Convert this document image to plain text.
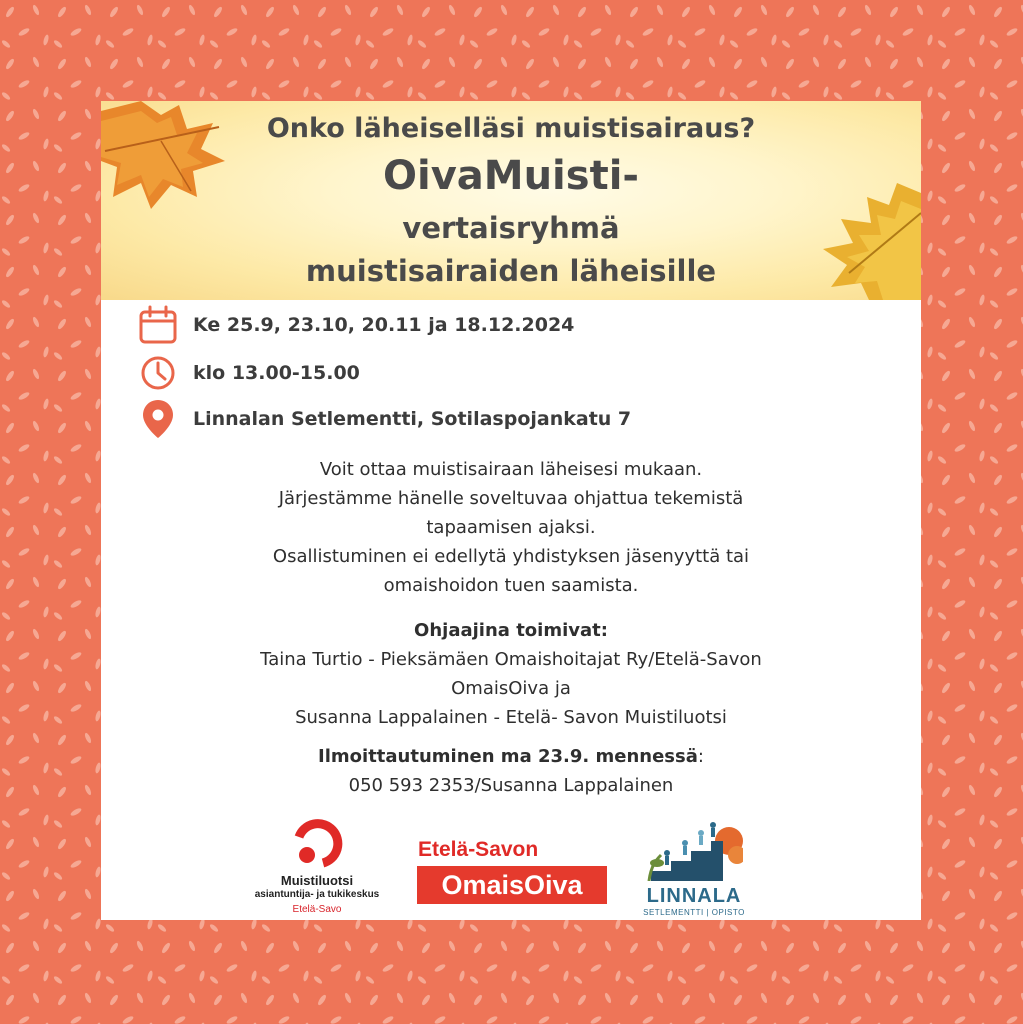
Onko läheiselläsi muistisairaus?
OivaMuisti-
vertaisryhmä
muistisairaiden läheisille
Ke 25.9, 23.10, 20.11 ja 18.12.2024
klo 13.00-15.00
Linnalan Setlementti, Sotilaspojankatu 7
Voit ottaa muistisairaan läheisesi mukaan.
Järjestämme hänelle soveltuvaa ohjattua tekemistä
tapaamisen ajaksi.
Osallistuminen ei edellytä yhdistyksen jäsenyyttä tai
omaishoidon tuen saamista.
Ohjaajina toimivat:
Taina Turtio - Pieksämäen Omaishoitajat Ry/Etelä-Savon
OmaisOiva ja
Susanna Lappalainen - Etelä- Savon Muistiluotsi
Ilmoittautuminen ma 23.9. mennessä:
050 593 2353/Susanna Lappalainen
Muistiluotsi
asiantuntija- ja tukikeskus
Etelä-Savo
Etelä-Savon
OmaisOiva	LINNALA
SETLEMENTTI | OPISTO
